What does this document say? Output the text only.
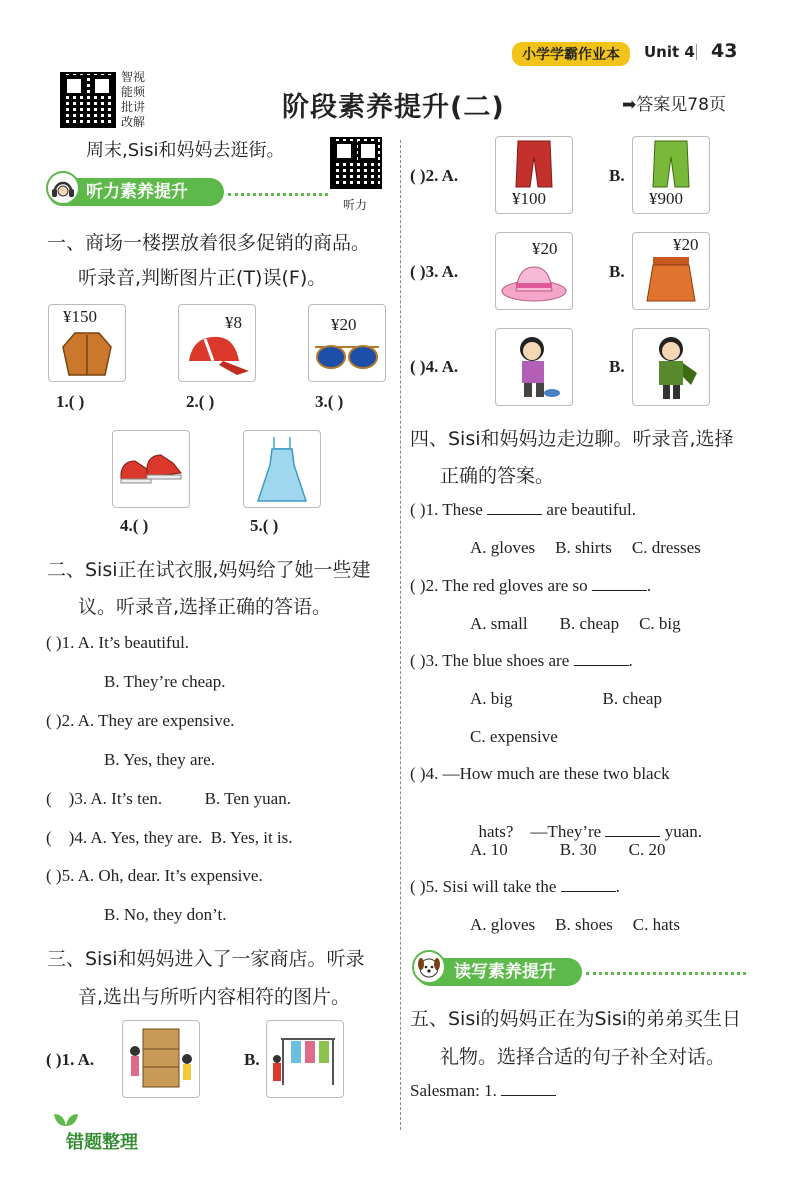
小学学霸作业本	Unit 4 43
智视
能频
批讲
改解	阶段素养提升(二)	➡答案见78页
周末,Sisi和妈妈去逛街。
听力
听力素养提升
一、商场一楼摆放着很多促销的商品。
听录音,判断图片正(T)误(F)。
¥150
1.( )
¥8
2.( )
¥20
3.( )
4.( )	5.( )
二、Sisi正在试衣服,妈妈给了她一些建
议。听录音,选择正确的答语。
( )1. A. It’s beautiful.
B. They’re cheap.
( )2. A. They are expensive.
B. Yes, they are.
(    )3. A. It’s ten.          B. Ten yuan.
(    )4. A. Yes, they are.  B. Yes, it is.
( )5. A. Oh, dear. It’s expensive.
B. No, they don’t.
三、Sisi和妈妈进入了一家商店。听录
音,选出与所听内容相符的图片。
( )1. A.	B.
( )2. A.
¥100
B.
¥900
( )3. A.
¥20
B.
¥20
( )4. A.	B.
四、Sisi和妈妈边走边聊。听录音,选择
正确的答案。
( )1. These	are beautiful.
A. gloves B. shirts C. dresses
( )2. The red gloves are so	.
A. small B. cheap C. big
( )3. The blue shoes are	.
A. big	B. cheap
C. expensive
( )4. —How much are these two black

hats?    —They’re	yuan.

A. 10	B. 30 C. 20
( )5. Sisi will take the	.
A. gloves B. shoes C. hats
读写素养提升
五、Sisi的妈妈正在为Sisi的弟弟买生日
礼物。选择合适的句子补全对话。
Salesman: 1.
错题整理
